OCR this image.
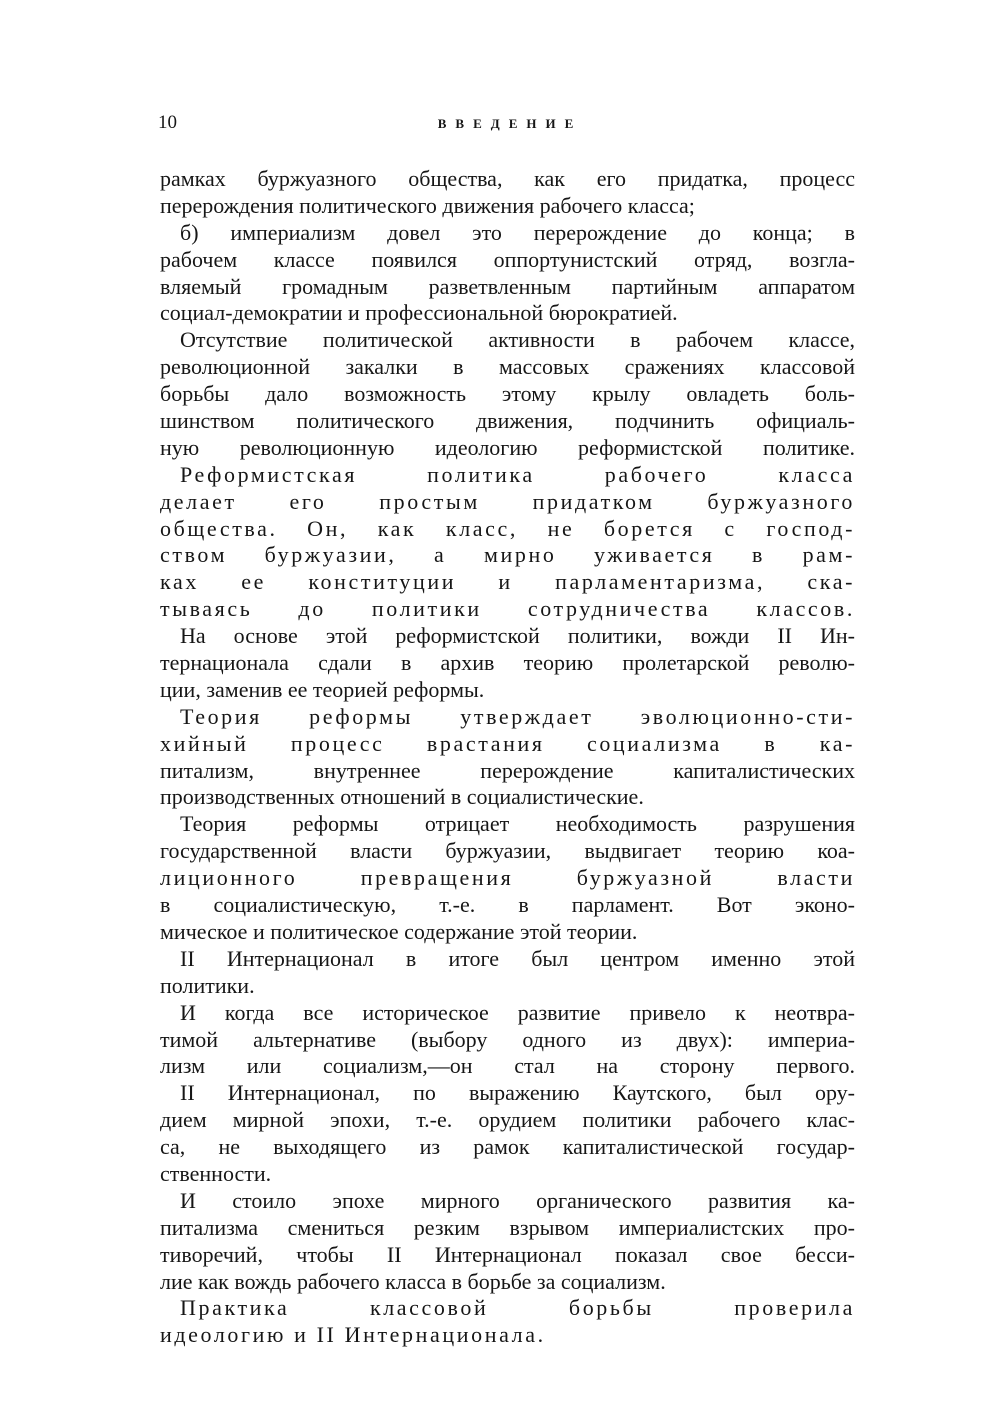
10	ВВЕДЕНИЕ
рамках буржуазного общества, как его придатка, процесс
перерождения политического движения рабочего класса;
б) империализм довел это перерождение до конца; в
рабочем классе появился оппортунистский отряд, возгла-
вляемый громадным разветвленным партийным аппаратом
социал-демократии и профессиональной бюрократией.
Отсутствие политической активности в рабочем классе,
революционной закалки в массовых сражениях классовой
борьбы дало возможность этому крылу овладеть боль-
шинством политического движения, подчинить официаль-
ную революционную идеологию реформистской политике.
Реформистская политика рабочего класса
делает его простым придатком буржуазного
общества. Он, как класс, не борется с господ-
ством буржуазии, а мирно уживается в рам-
ках ее конституции и парламентаризма, ска-
тываясь до политики сотрудничества классов.
На основе этой реформистской политики, вожди II Ин-
тернационала сдали в архив теорию пролетарской револю-
ции, заменив ее теорией реформы.
Теория реформы утверждает эволюционно-сти-
хийный процесс врастания социализма в ка-
питализм, внутреннее перерождение капиталистических
производственных отношений в социалистические.
Теория реформы отрицает необходимость разрушения
государственной власти буржуазии, выдвигает теорию коа-
лиционного превращения буржуазной власти
в социалистическую, т.-е. в парламент. Вот эконо-
мическое и политическое содержание этой теории.
II Интернационал в итоге был центром именно этой
политики.
И когда все историческое развитие привело к неотвра-
тимой альтернативе (выбору одного из двух): империа-
лизм или социализм,—он стал на сторону первого.
II Интернационал, по выражению Каутского, был ору-
дием мирной эпохи, т.-е. орудием политики рабочего клас-
са, не выходящего из рамок капиталистической государ-
ственности.
И стоило эпохе мирного органического развития ка-
питализма смениться резким взрывом империалистских про-
тиворечий, чтобы II Интернационал показал свое бесси-
лие как вождь рабочего класса в борьбе за социализм.
Практика классовой борьбы проверила
идеологию и II Интернационала.
